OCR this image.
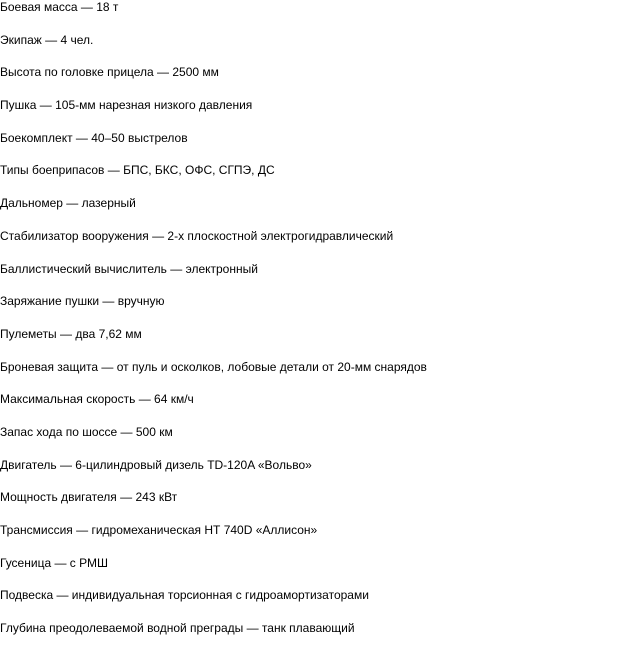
Боевая масса — 18 т
Экипаж — 4 чел.
Высота по головке прицела — 2500 мм
Пушка — 105-мм нарезная низкого давления
Боекомплект — 40–50 выстрелов
Типы боеприпасов — БПС, БКС, ОФС, СГПЭ, ДС
Дальномер — лазерный
Стабилизатор вооружения — 2-х плоскостной электрогидравлический
Баллистический вычислитель — электронный
Заряжание пушки — вручную
Пулеметы — два 7,62 мм
Броневая защита — от пуль и осколков, лобовые детали от 20-мм снарядов
Максимальная скорость — 64 км/ч
Запас хода по шоссе — 500 км
Двигатель — 6-цилиндровый дизель TD-120A «Вольво»
Мощность двигателя — 243 кВт
Трансмиссия — гидромеханическая НТ 740D «Аллисон»
Гусеница — с РМШ
Подвеска — индивидуальная торсионная с гидроамортизаторами
Глубина преодолеваемой водной преграды — танк плавающий
